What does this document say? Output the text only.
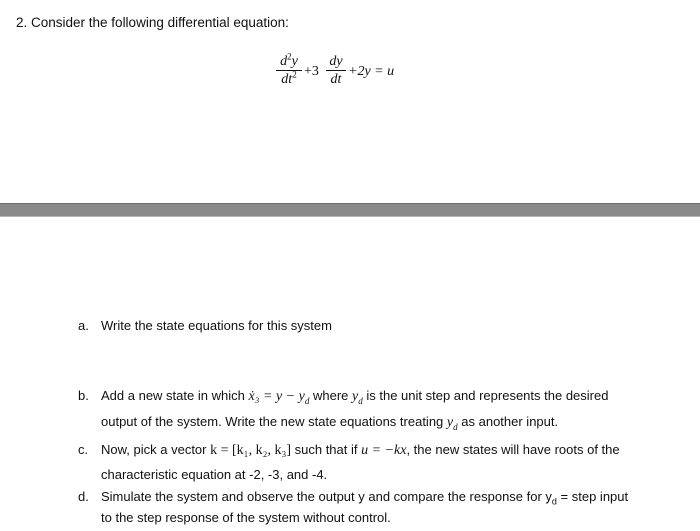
2. Consider the following differential equation:
$d^2y$
$dt^2 +3$
dy
dt
+2y = u
a. Write the state equations for this system
b. Add a new state in which ẋ₃ = $y - y_d$ where $y_d$ is the unit step and represents the desired
output of the system. Write the new state equations treating $y_d$ as another input.
c. Now, pick a vector k = [k₁, k₂, k₃] such that if u = −kx, the new states will have roots of the
characteristic equation at -2, -3, and -4.
d. Simulate the system and observe the output y and compare the response for $y_d$ = step input
to the step response of the system without control.
